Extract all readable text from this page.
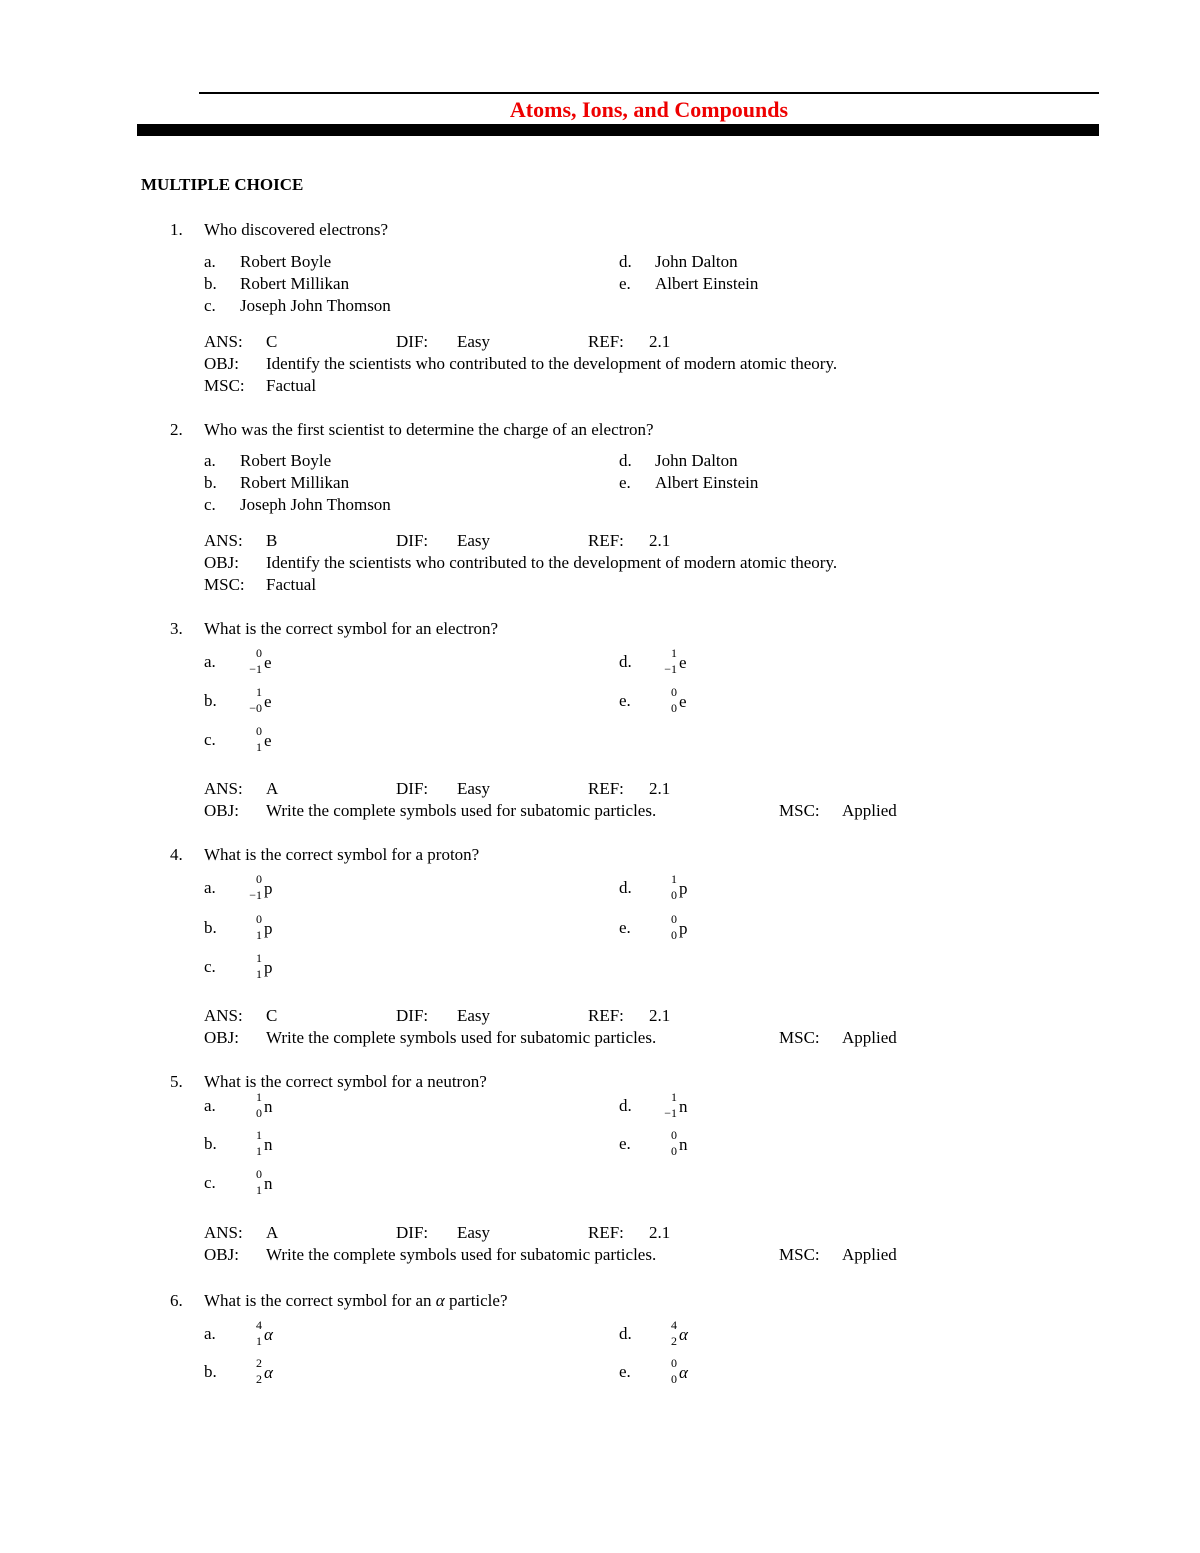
Atoms, Ions, and Compounds
MULTIPLE CHOICE
1. Who discovered electrons?
a. Robert Boyle
b. Robert Millikan
c. Joseph John Thomson
d. John Dalton
e. Albert Einstein
ANS: C	DIF: Easy	REF: 2.1
OBJ: Identify the scientists who contributed to the development of modern atomic theory.
MSC: Factual
2. Who was the first scientist to determine the charge of an electron?
a. Robert Boyle
b. Robert Millikan
c. Joseph John Thomson
d. John Dalton
e. Albert Einstein
ANS: B	DIF: Easy	REF: 2.1
OBJ: Identify the scientists who contributed to the development of modern atomic theory.
MSC: Factual
3. What is the correct symbol for an electron?
a.	0
−1 e
b.	1
−0 e
c.	0
1 e
d.	1
−1 e
e.	0
0 e
ANS: A	DIF: Easy	REF: 2.1
OBJ: Write the complete symbols used for subatomic particles.	MSC: Applied
4. What is the correct symbol for a proton?
a.	0
−1 p
b.	0
1 p
c.	1
1 p
d.	1
0 p
e.	0
0 p
ANS: C	DIF: Easy	REF: 2.1
OBJ: Write the complete symbols used for subatomic particles.	MSC: Applied
5. What is the correct symbol for a neutron?
a.	1
0 n
b.	1
1 n
c.	0
1 n
d.	1
−1 n
e.	0
0 n
ANS: A	DIF: Easy	REF: 2.1
OBJ: Write the complete symbols used for subatomic particles.	MSC: Applied
6. What is the correct symbol for an α particle?
a.	4
1 α
b.	2
2 α
d.	4
2 α
e.	0
0 α
